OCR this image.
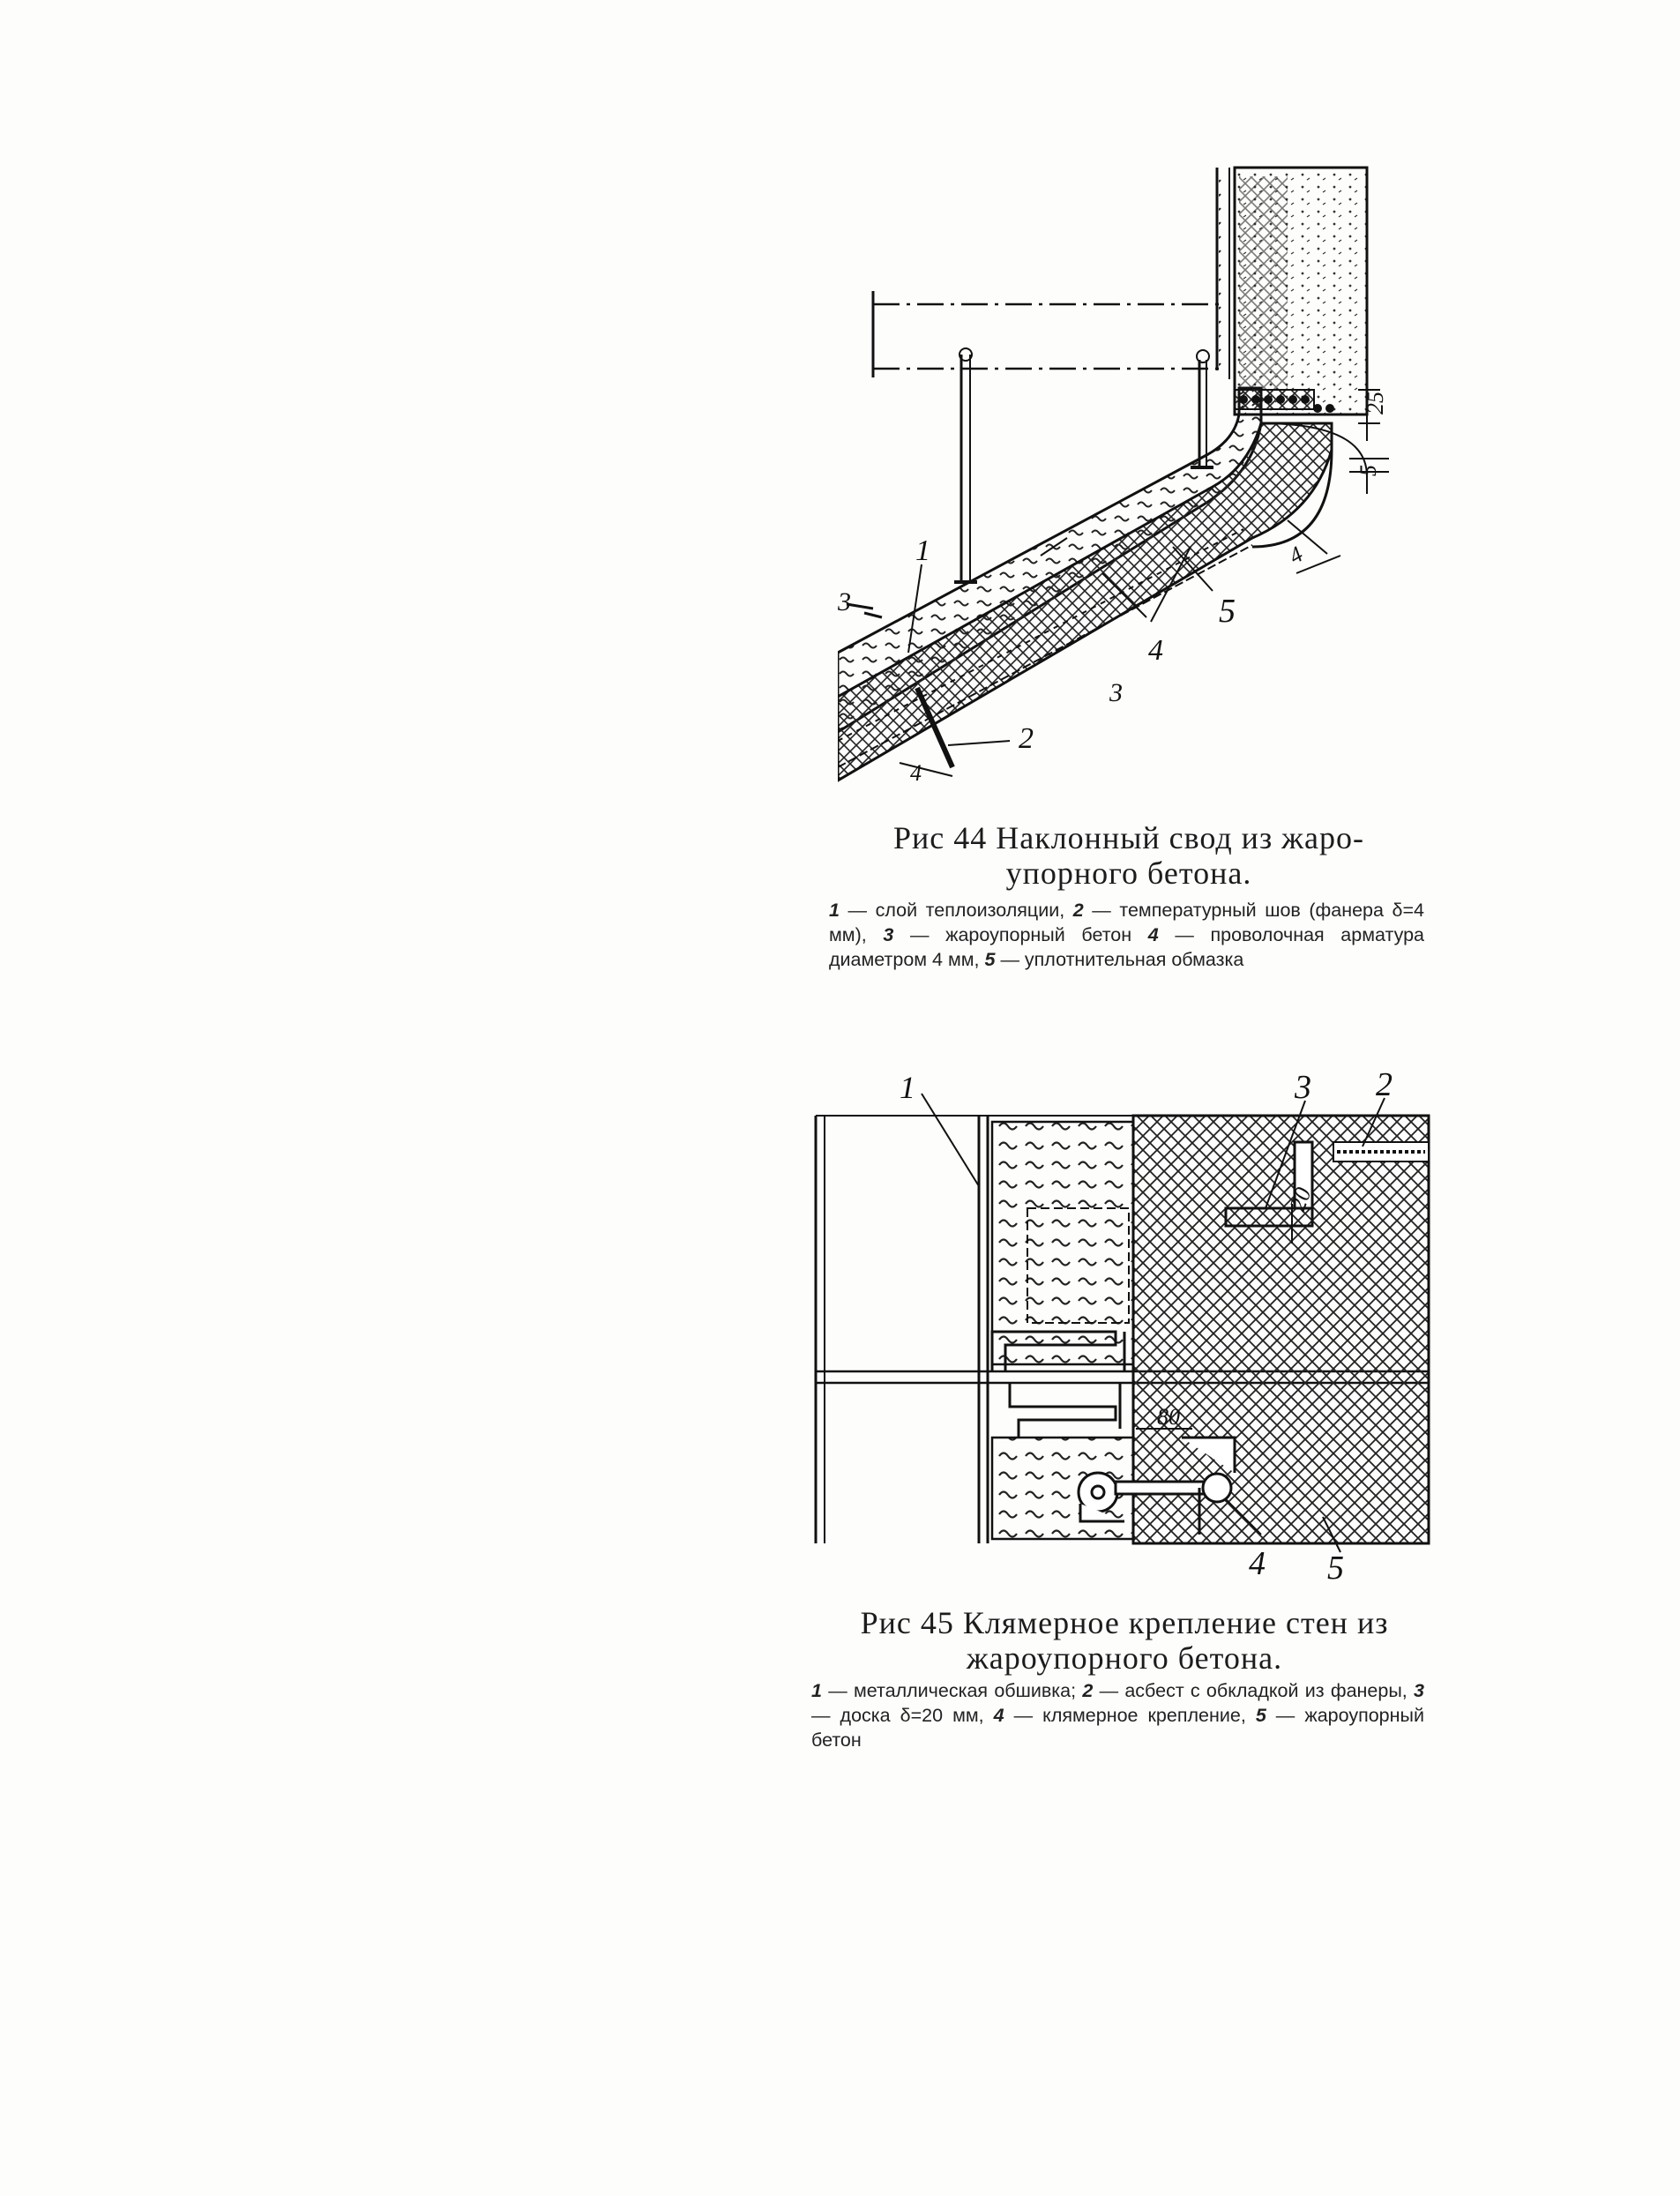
1
3
2
3
4
5
25
5
4
4
Рис 44 Наклонный свод из жаро-упорного бетона.
1 — слой теплоизоляции, 2 — температурный шов (фанера δ=4 мм), 3 — жароупорный бетон 4 — проволочная арматура диаметром 4 мм, 5 — уплотнительная обмазка
1	3 2
20
80
4 5
Рис 45 Клямерное крепление стен из жароупорного бетона.
1 — металлическая обшивка; 2 — асбест с обкладкой из фанеры, 3 — доска δ=20 мм, 4 — клямерное крепление, 5 — жароупорный бетон
